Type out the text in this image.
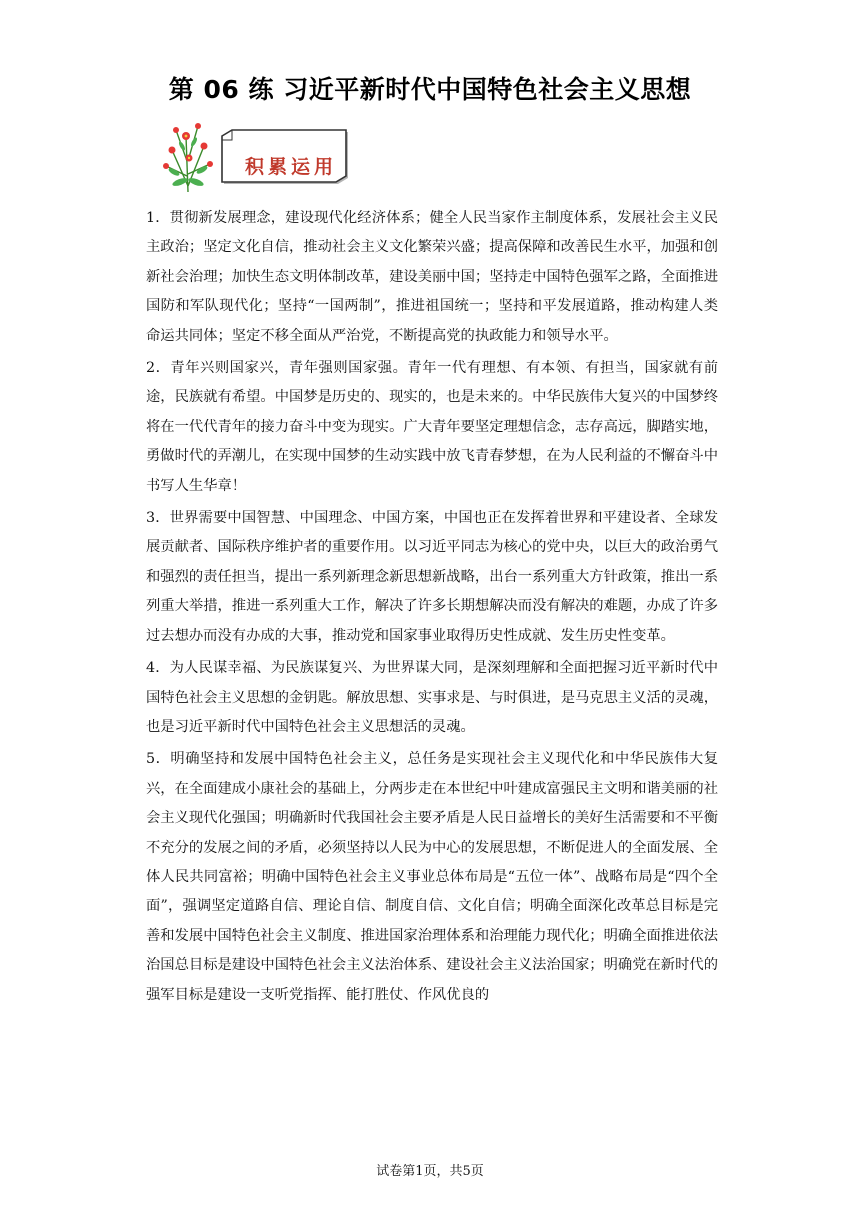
第 06 练 习近平新时代中国特色社会主义思想
积累运用

1．贯彻新发展理念，建设现代化经济体系；健全人民当家作主制度体系，发展社会主义民主政治；坚定文化自信，推动社会主义文化繁荣兴盛；提高保障和改善民生水平，加强和创新社会治理；加快生态文明体制改革，建设美丽中国；坚持走中国特色强军之路，全面推进国防和军队现代化；坚持“一国两制”，推进祖国统一；坚持和平发展道路，推动构建人类命运共同体；坚定不移全面从严治党，不断提高党的执政能力和领导水平。

2．青年兴则国家兴，青年强则国家强。青年一代有理想、有本领、有担当，国家就有前途，民族就有希望。中国梦是历史的、现实的，也是未来的。中华民族伟大复兴的中国梦终将在一代代青年的接力奋斗中变为现实。广大青年要坚定理想信念，志存高远，脚踏实地，勇做时代的弄潮儿，在实现中国梦的生动实践中放飞青春梦想，在为人民利益的不懈奋斗中书写人生华章！

3．世界需要中国智慧、中国理念、中国方案，中国也正在发挥着世界和平建设者、全球发展贡献者、国际秩序维护者的重要作用。以习近平同志为核心的党中央，以巨大的政治勇气和强烈的责任担当，提出一系列新理念新思想新战略，出台一系列重大方针政策，推出一系列重大举措，推进一系列重大工作，解决了许多长期想解决而没有解决的难题，办成了许多过去想办而没有办成的大事，推动党和国家事业取得历史性成就、发生历史性变革。

4．为人民谋幸福、为民族谋复兴、为世界谋大同，是深刻理解和全面把握习近平新时代中国特色社会主义思想的金钥匙。解放思想、实事求是、与时俱进，是马克思主义活的灵魂，也是习近平新时代中国特色社会主义思想活的灵魂。

5．明确坚持和发展中国特色社会主义，总任务是实现社会主义现代化和中华民族伟大复兴，在全面建成小康社会的基础上，分两步走在本世纪中叶建成富强民主文明和谐美丽的社会主义现代化强国；明确新时代我国社会主要矛盾是人民日益增长的美好生活需要和不平衡不充分的发展之间的矛盾，必须坚持以人民为中心的发展思想，不断促进人的全面发展、全体人民共同富裕；明确中国特色社会主义事业总体布局是“五位一体”、战略布局是“四个全面”，强调坚定道路自信、理论自信、制度自信、文化自信；明确全面深化改革总目标是完善和发展中国特色社会主义制度、推进国家治理体系和治理能力现代化；明确全面推进依法治国总目标是建设中国特色社会主义法治体系、建设社会主义法治国家；明确党在新时代的强军目标是建设一支听党指挥、能打胜仗、作风优良的

试卷第1页，共5页
